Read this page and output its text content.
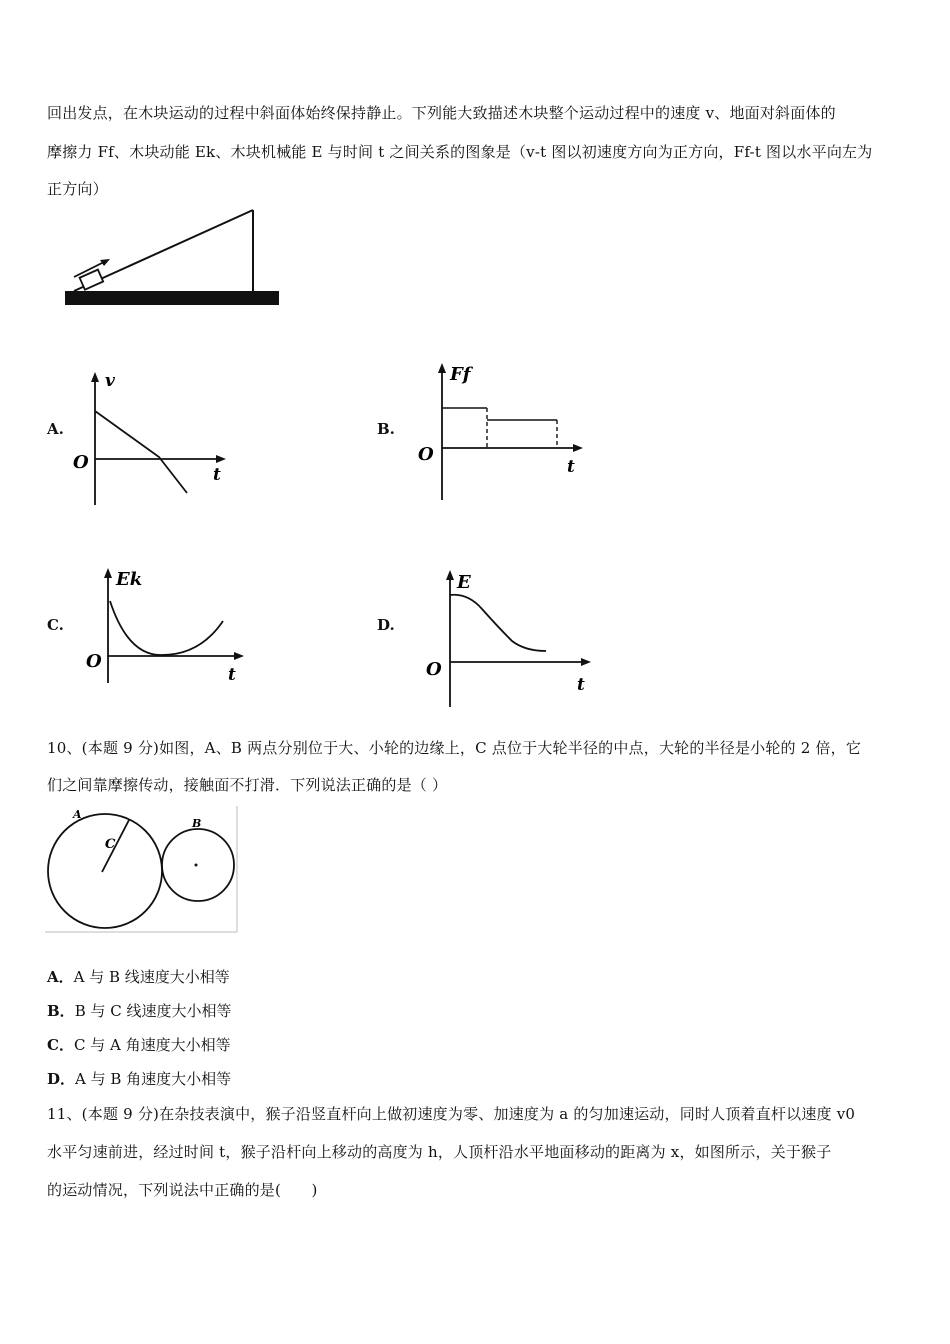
回出发点，在木块运动的过程中斜面体始终保持静止。下列能大致描述木块整个运动过程中的速度 v、地面对斜面体的
摩擦力 Ff、木块动能 Ek、木块机械能 E 与时间 t 之间关系的图象是（v-t 图以初速度方向为正方向，Ff-t 图以水平向左为
正方向）
A.
v
t
O
B.
Ff
t
O
C.
Ek
t
O
D.
E
t
O
10、(本题 9 分)如图，A、B 两点分别位于大、小轮的边缘上，C 点位于大轮半径的中点，大轮的半径是小轮的 2 倍，它
们之间靠摩擦传动，接触面不打滑．下列说法正确的是（ ）
A
B
C
A．A 与 B 线速度大小相等
B．B 与 C 线速度大小相等
C．C 与 A 角速度大小相等
D．A 与 B 角速度大小相等
11、(本题 9 分)在杂技表演中，猴子沿竖直杆向上做初速度为零、加速度为 a 的匀加速运动，同时人顶着直杆以速度 v0
水平匀速前进，经过时间 t，猴子沿杆向上移动的高度为 h，人顶杆沿水平地面移动的距离为 x，如图所示，关于猴子
的运动情况，下列说法中正确的是(　　)
